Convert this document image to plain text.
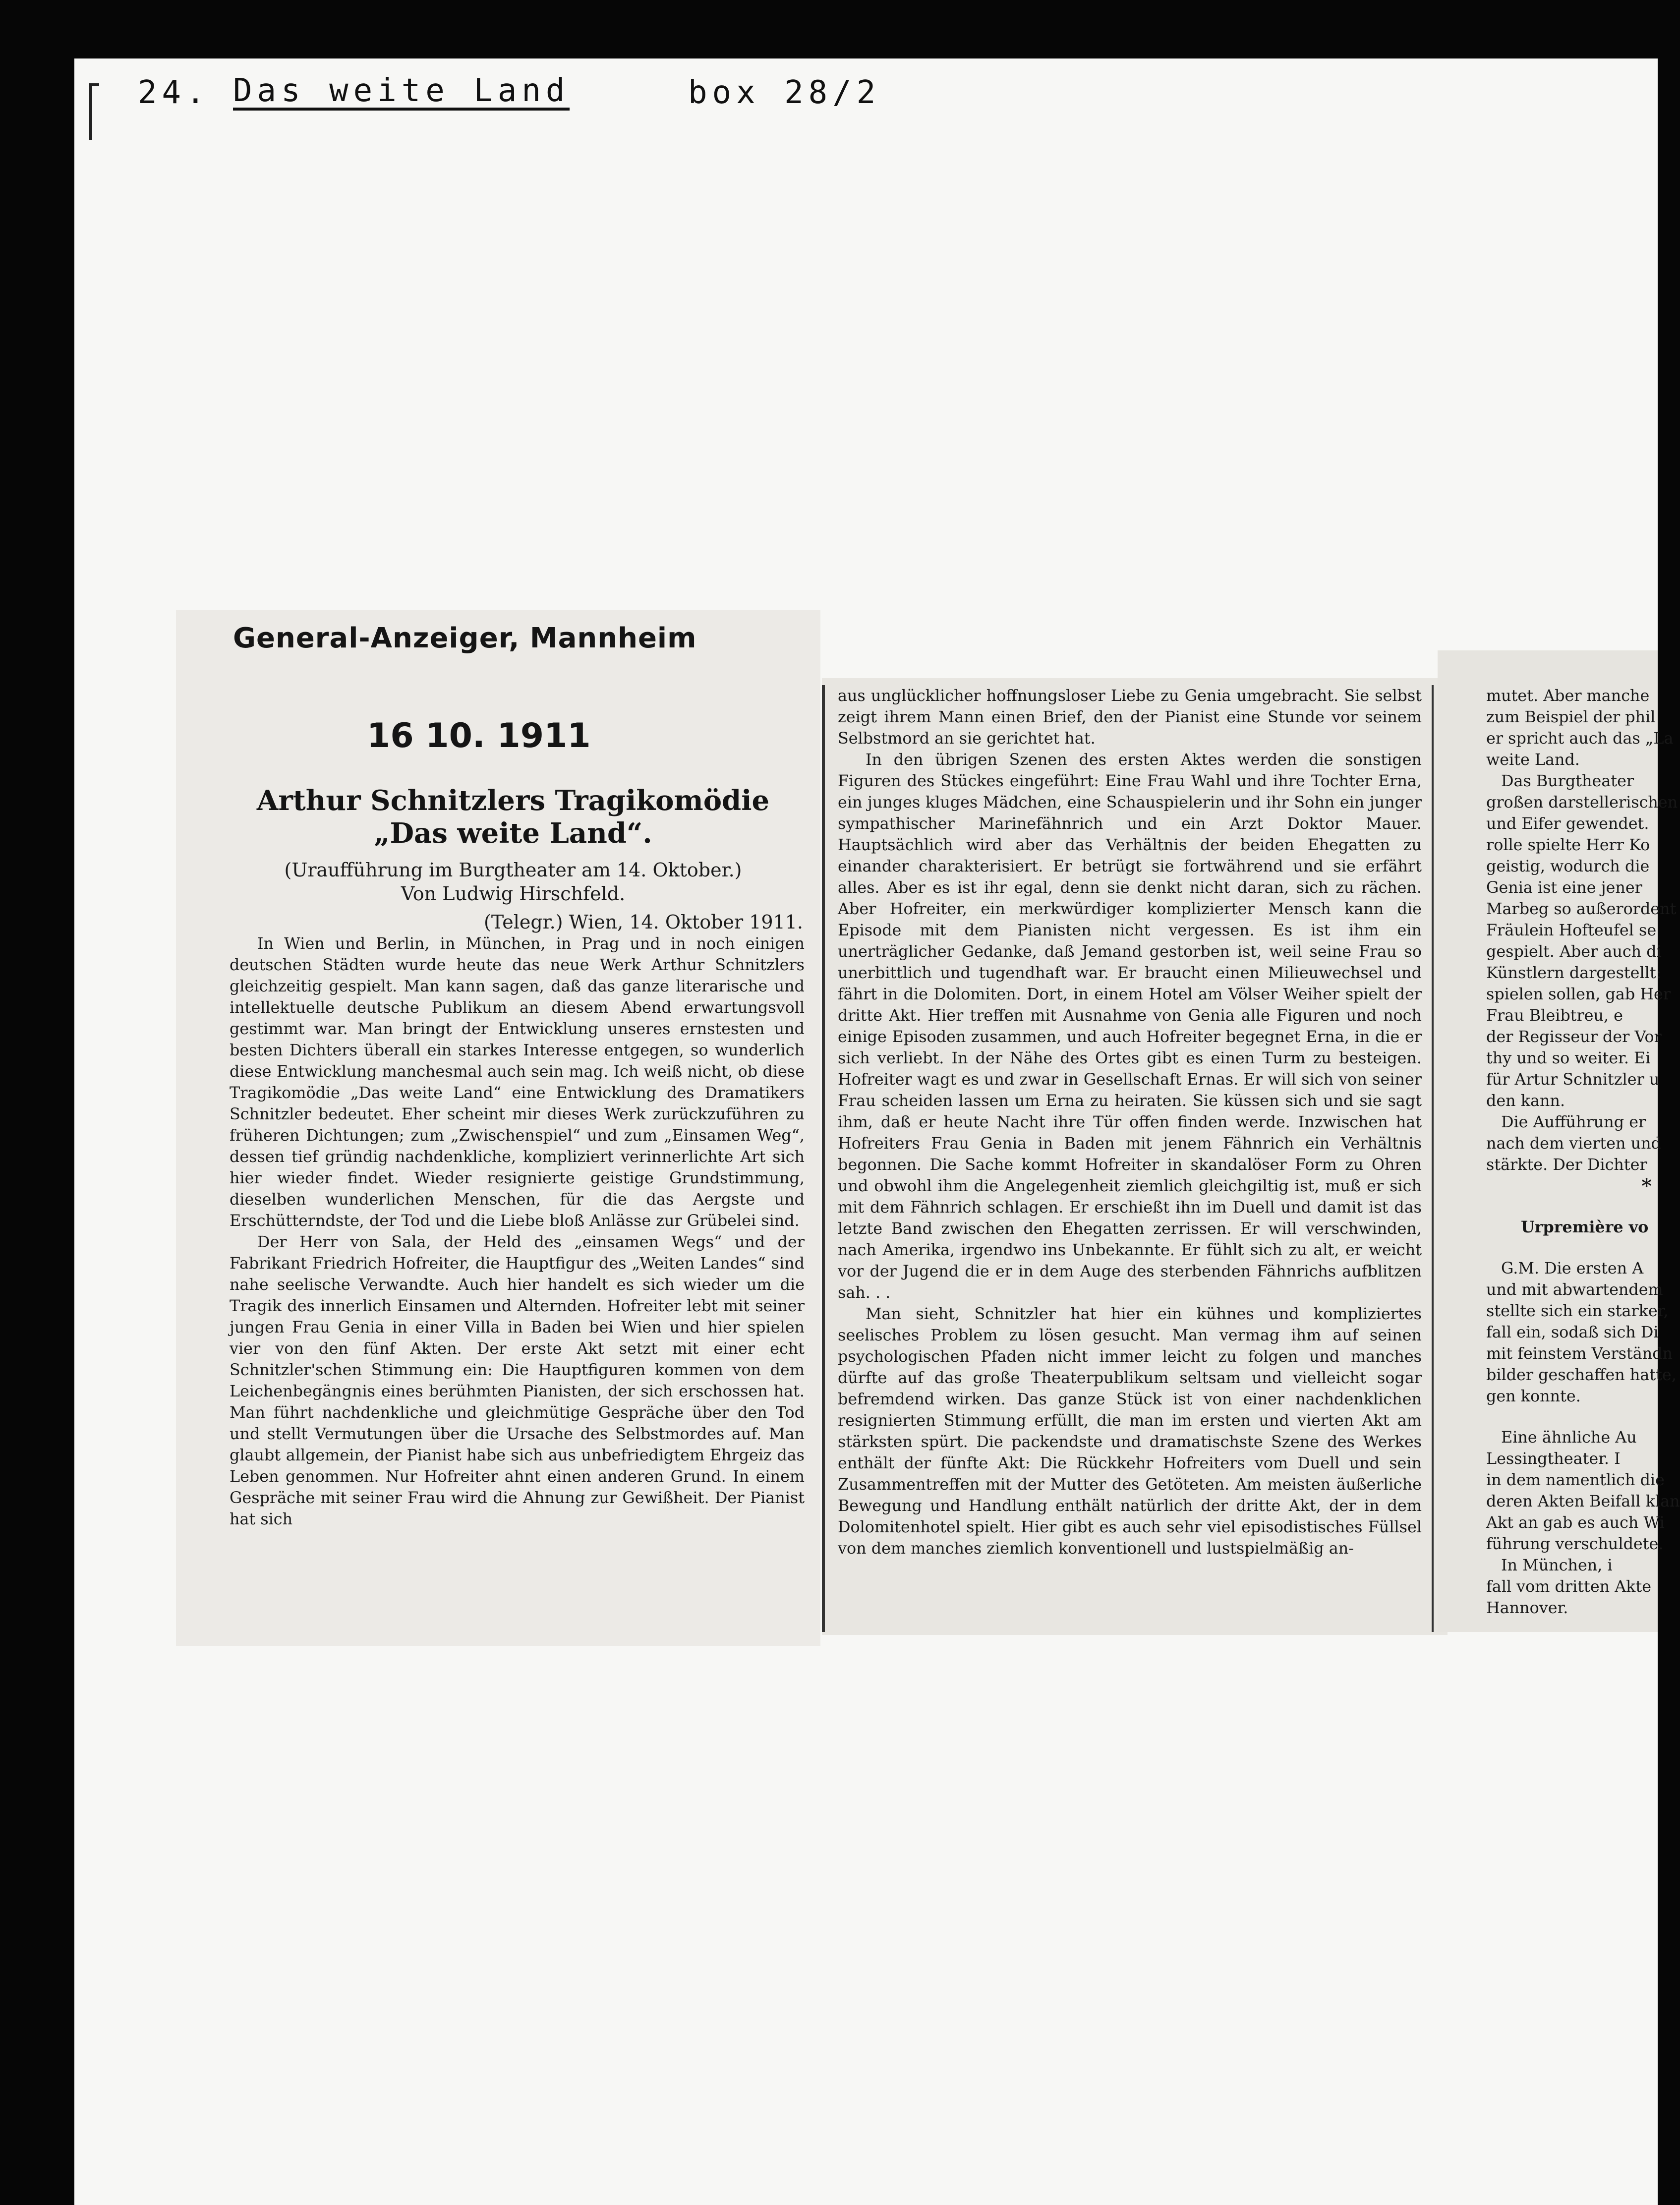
24. Das weite Land	box 28/2
General-Anzeiger, Mannheim
16 10. 1911
Arthur Schnitzlers Tragikomödie „Das weite Land“.
(Uraufführung im Burgtheater am 14. Oktober.)
Von Ludwig Hirschfeld.
(Telegr.) Wien, 14. Oktober 1911.

In Wien und Berlin, in München, in Prag und in noch einigen deutschen Städten wurde heute das neue Werk Arthur Schnitzlers gleichzeitig gespielt. Man kann sagen, daß das ganze literarische und intellektuelle deutsche Publikum an diesem Abend erwartungsvoll gestimmt war. Man bringt der Entwicklung unseres ernstesten und besten Dichters überall ein starkes Interesse entgegen, so wunderlich diese Entwicklung manchesmal auch sein mag. Ich weiß nicht, ob diese Tragikomödie „Das weite Land“ eine Entwicklung des Dramatikers Schnitzler bedeutet. Eher scheint mir dieses Werk zurückzuführen zu früheren Dichtungen; zum „Zwischenspiel“ und zum „Einsamen Weg“, dessen tief gründig nachdenkliche, kompliziert verinnerlichte Art sich hier wieder findet. Wieder resignierte geistige Grundstimmung, dieselben wunderlichen Menschen, für die das Aergste und Erschütterndste, der Tod und die Liebe bloß Anlässe zur Grübelei sind.

Der Herr von Sala, der Held des „einsamen Wegs“ und der Fabrikant Friedrich Hofreiter, die Hauptfigur des „Weiten Landes“ sind nahe seelische Verwandte. Auch hier handelt es sich wieder um die Tragik des innerlich Einsamen und Alternden. Hofreiter lebt mit seiner jungen Frau Genia in einer Villa in Baden bei Wien und hier spielen vier von den fünf Akten. Der erste Akt setzt mit einer echt Schnitzler'schen Stimmung ein: Die Hauptfiguren kommen von dem Leichenbegängnis eines berühmten Pianisten, der sich erschossen hat. Man führt nachdenkliche und gleichmütige Gespräche über den Tod und stellt Vermutungen über die Ursache des Selbstmordes auf. Man glaubt allgemein, der Pianist habe sich aus unbefriedigtem Ehrgeiz das Leben genommen. Nur Hofreiter ahnt einen anderen Grund. In einem Gespräche mit seiner Frau wird die Ahnung zur Gewißheit. Der Pianist hat sich

aus unglücklicher hoffnungsloser Liebe zu Genia umgebracht. Sie selbst zeigt ihrem Mann einen Brief, den der Pianist eine Stunde vor seinem Selbstmord an sie gerichtet hat.

In den übrigen Szenen des ersten Aktes werden die sonstigen Figuren des Stückes eingeführt: Eine Frau Wahl und ihre Tochter Erna, ein junges kluges Mädchen, eine Schauspielerin und ihr Sohn ein junger sympathischer Marinefähnrich und ein Arzt Doktor Mauer. Hauptsächlich wird aber das Verhältnis der beiden Ehegatten zu einander charakterisiert. Er betrügt sie fortwährend und sie erfährt alles. Aber es ist ihr egal, denn sie denkt nicht daran, sich zu rächen. Aber Hofreiter, ein merkwürdiger komplizierter Mensch kann die Episode mit dem Pianisten nicht vergessen. Es ist ihm ein unerträglicher Gedanke, daß Jemand gestorben ist, weil seine Frau so unerbittlich und tugendhaft war. Er braucht einen Milieuwechsel und fährt in die Dolomiten. Dort, in einem Hotel am Völser Weiher spielt der dritte Akt. Hier treffen mit Ausnahme von Genia alle Figuren und noch einige Episoden zusammen, und auch Hofreiter begegnet Erna, in die er sich verliebt. In der Nähe des Ortes gibt es einen Turm zu besteigen. Hofreiter wagt es und zwar in Gesellschaft Ernas. Er will sich von seiner Frau scheiden lassen um Erna zu heiraten. Sie küssen sich und sie sagt ihm, daß er heute Nacht ihre Tür offen finden werde. Inzwischen hat Hofreiters Frau Genia in Baden mit jenem Fähnrich ein Verhältnis begonnen. Die Sache kommt Hofreiter in skandalöser Form zu Ohren und obwohl ihm die Angelegenheit ziemlich gleichgiltig ist, muß er sich mit dem Fähnrich schlagen. Er erschießt ihn im Duell und damit ist das letzte Band zwischen den Ehegatten zerrissen. Er will verschwinden, nach Amerika, irgendwo ins Unbekannte. Er fühlt sich zu alt, er weicht vor der Jugend die er in dem Auge des sterbenden Fähnrichs aufblitzen sah. . .

Man sieht, Schnitzler hat hier ein kühnes und kompliziertes seelisches Problem zu lösen gesucht. Man vermag ihm auf seinen psychologischen Pfaden nicht immer leicht zu folgen und manches dürfte auf das große Theaterpublikum seltsam und vielleicht sogar befremdend wirken. Das ganze Stück ist von einer nachdenklichen resignierten Stimmung erfüllt, die man im ersten und vierten Akt am stärksten spürt. Die packendste und dramatischste Szene des Werkes enthält der fünfte Akt: Die Rückkehr Hofreiters vom Duell und sein Zusammentreffen mit der Mutter des Getöteten. Am meisten äußerliche Bewegung und Handlung enthält natürlich der dritte Akt, der in dem Dolomitenhotel spielt. Hier gibt es auch sehr viel episodistisches Füllsel von dem manches ziemlich konventionell und lustspielmäßig an-

mutet. Aber manche

zum Beispiel der phil

er spricht auch das „La

weite Land.

Das Burgtheater

großen darstellerischen

und Eifer gewendet.

rolle spielte Herr Ko

geistig, wodurch die

Genia ist eine jener

Marbeg so außerordent

Fräulein Hofteufel se

gespielt. Aber auch di

Künstlern dargestellt:

spielen sollen, gab Her

Frau Bleibtreu, e

der Regisseur der Vor

thy und so weiter. Ei

für Artur Schnitzler u

den kann.

Die Aufführung er

nach dem vierten und

stärkte. Der Dichter

*

Urpremière vo

G.M. Die ersten A

und mit abwartendem

stellte sich ein starker,

fall ein, sodaß sich Di

mit feinstem Verständn

bilder geschaffen hatte,

gen konnte.

Eine ähnliche Au

Lessingtheater. I

in dem namentlich die

deren Akten Beifall klan

Akt an gab es auch Wi

führung verschuldete.

In München, i

fall vom dritten Akte

Hannover.
